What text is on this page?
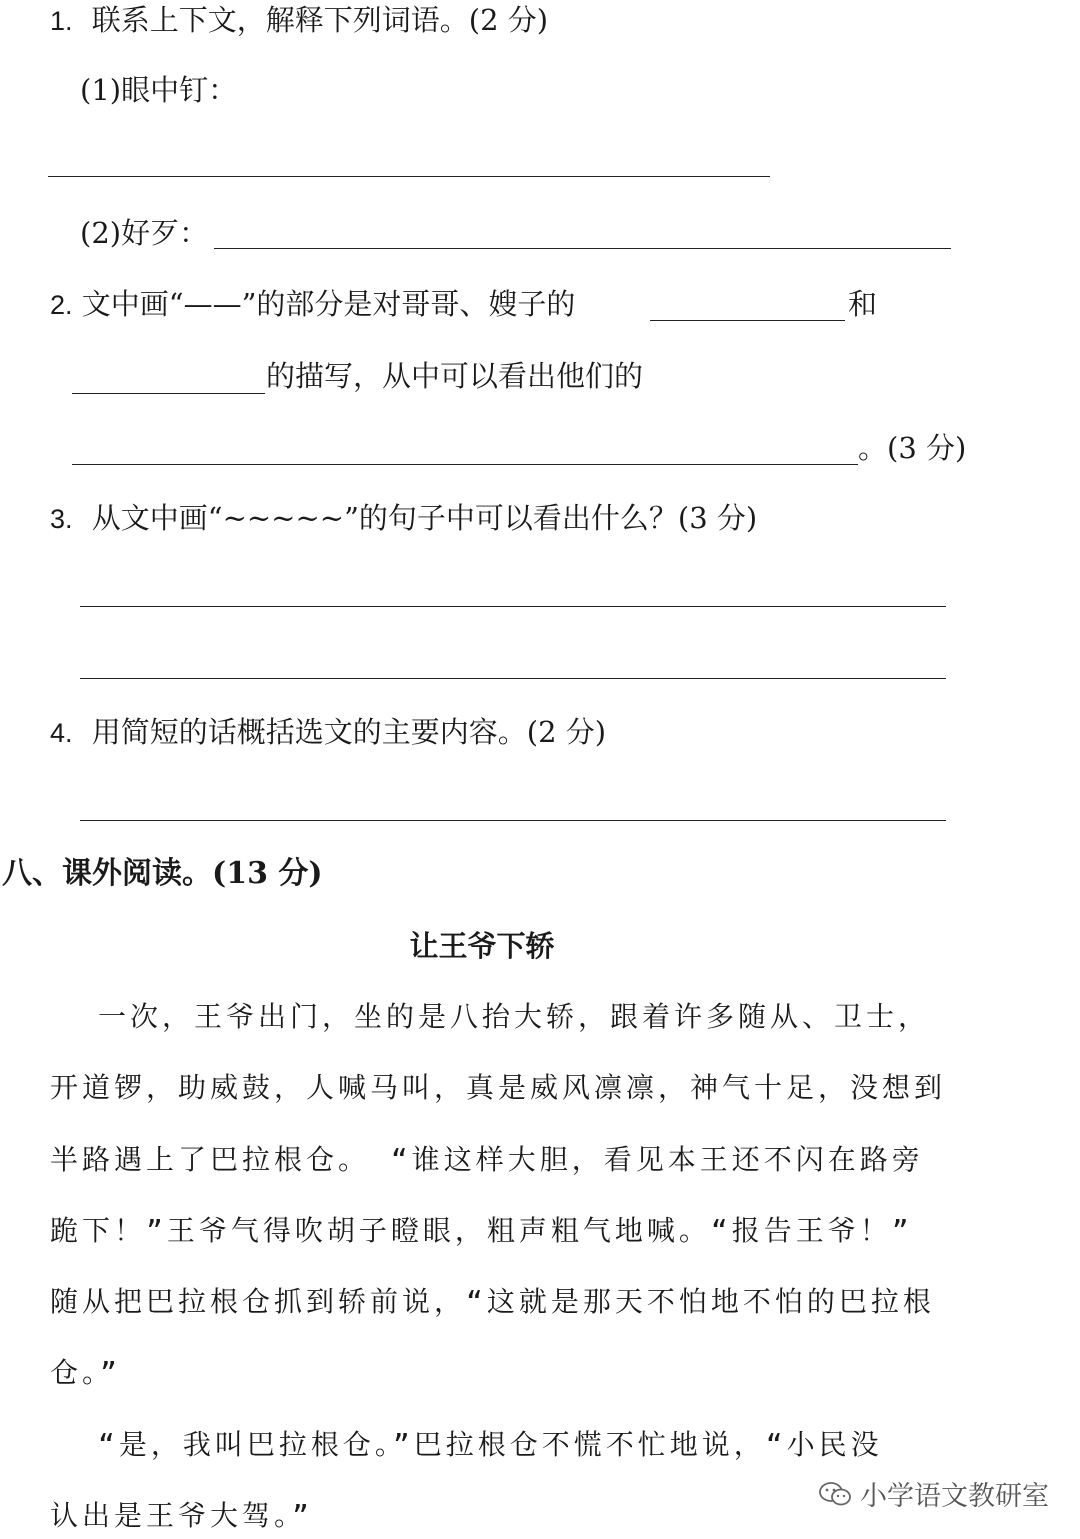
1. 联系上下文，解释下列词语。(2 分)
(1)眼中钉：
(2)好歹：
2. 文中画“——”的部分是对哥哥、嫂子的	和
的描写，从中可以看出他们的
。(3 分)
3. 从文中画“~~~~~”的句子中可以看出什么？(3 分)
4. 用简短的话概括选文的主要内容。(2 分)
八、课外阅读。(13 分)
让王爷下轿
一次，王爷出门，坐的是八抬大轿，跟着许多随从、卫士，
开道锣，助威鼓，人喊马叫，真是威风凛凛，神气十足，没想到
半路遇上了巴拉根仓。 “谁这样大胆，看见本王还不闪在路旁
跪下！”王爷气得吹胡子瞪眼，粗声粗气地喊。“报告王爷！”
随从把巴拉根仓抓到轿前说，“这就是那天不怕地不怕的巴拉根
仓。”
“是，我叫巴拉根仓。”巴拉根仓不慌不忙地说，“小民没
认出是王爷大驾。”
小学语文教研室
